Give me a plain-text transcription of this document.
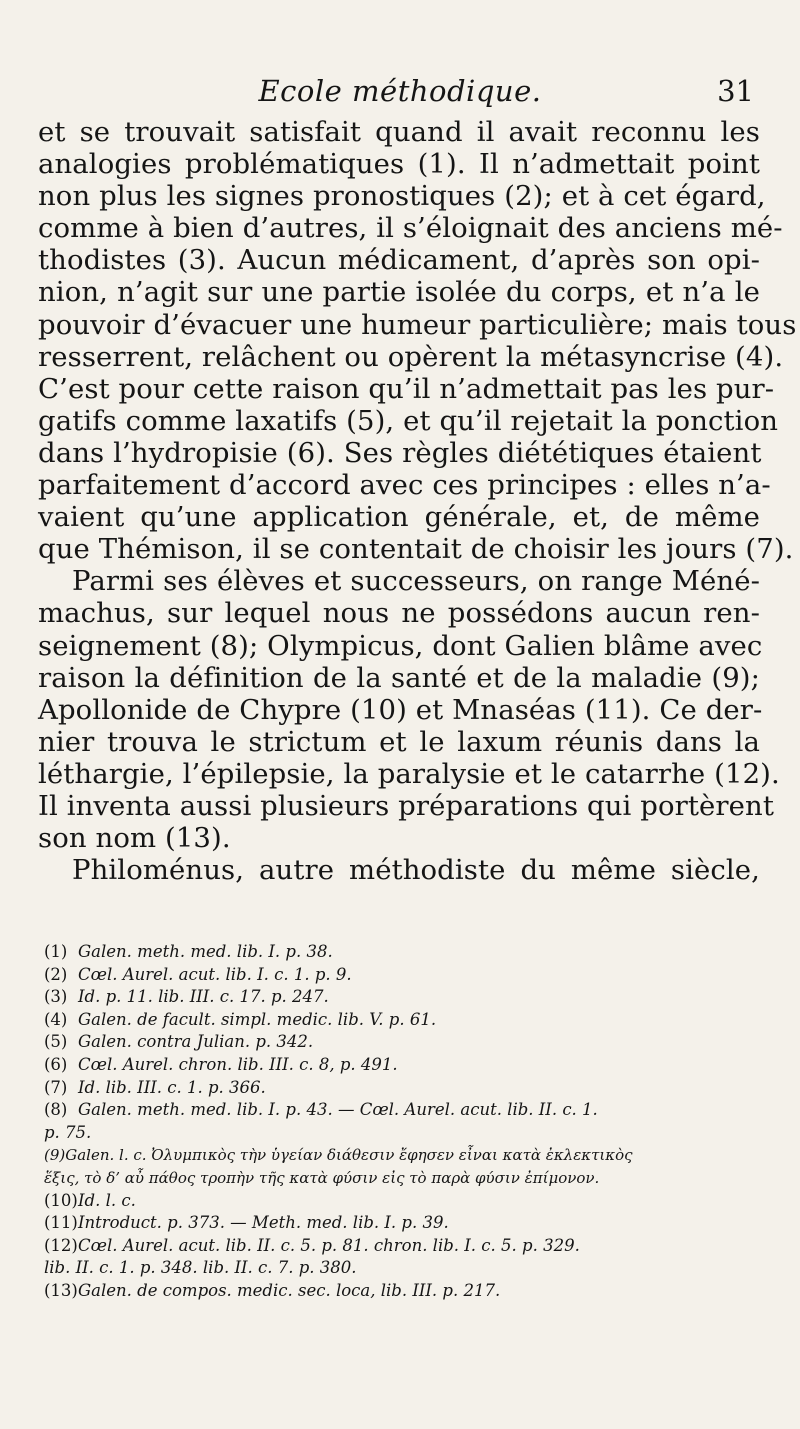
Ecole méthodique.	31
et se trouvait satisfait quand il avait reconnu les
analogies problématiques (1). Il n’admettait point
non plus les signes pronostiques (2); et à cet égard,
comme à bien d’autres, il s’éloignait des anciens mé-
thodistes (3). Aucun médicament, d’après son opi-
nion, n’agit sur une partie isolée du corps, et n’a le
pouvoir d’évacuer une humeur particulière; mais tous
resserrent, relâchent ou opèrent la métasyncrise (4).
C’est pour cette raison qu’il n’admettait pas les pur-
gatifs comme laxatifs (5), et qu’il rejetait la ponction
dans l’hydropisie (6). Ses règles diététiques étaient
parfaitement d’accord avec ces principes : elles n’a-
vaient qu’une application générale, et, de même
que Thémison, il se contentait de choisir les jours (7).
Parmi ses élèves et successeurs, on range Méné-
machus, sur lequel nous ne possédons aucun ren-
seignement (8); Olympicus, dont Galien blâme avec
raison la définition de la santé et de la maladie (9);
Apollonide de Chypre (10) et Mnaséas (11). Ce der-
nier trouva le strictum et le laxum réunis dans la
léthargie, l’épilepsie, la paralysie et le catarrhe (12).
Il inventa aussi plusieurs préparations qui portèrent
son nom (13).
Philoménus, autre méthodiste du même siècle,
(1) Galen. meth. med. lib. I. p. 38.
(2) Cœl. Aurel. acut. lib. I. c. 1. p. 9.
(3) Id. p. 11. lib. III. c. 17. p. 247.
(4) Galen. de facult. simpl. medic. lib. V. p. 61.
(5) Galen. contra Julian. p. 342.
(6) Cœl. Aurel. chron. lib. III. c. 8, p. 491.
(7) Id. lib. III. c. 1. p. 366.
(8) Galen. meth. med. lib. I. p. 43. — Cœl. Aurel. acut. lib. II. c. 1.
p. 75.
(9)Galen. l. c. Ὀλυμπικὸς τὴν ὑγείαν διάθεσιν ἔφησεν εἶναι κατὰ ἐκλεκτικὸς
ἕξις, τὸ δ’ αὖ πάθος τροπὴν τῆς κατὰ φύσιν εἰς τὸ παρὰ φύσιν ἐπίμονον.
(10)Id. l. c.
(11)Introduct. p. 373. — Meth. med. lib. I. p. 39.
(12)Cœl. Aurel. acut. lib. II. c. 5. p. 81. chron. lib. I. c. 5. p. 329.
lib. II. c. 1. p. 348. lib. II. c. 7. p. 380.
(13)Galen. de compos. medic. sec. loca, lib. III. p. 217.
